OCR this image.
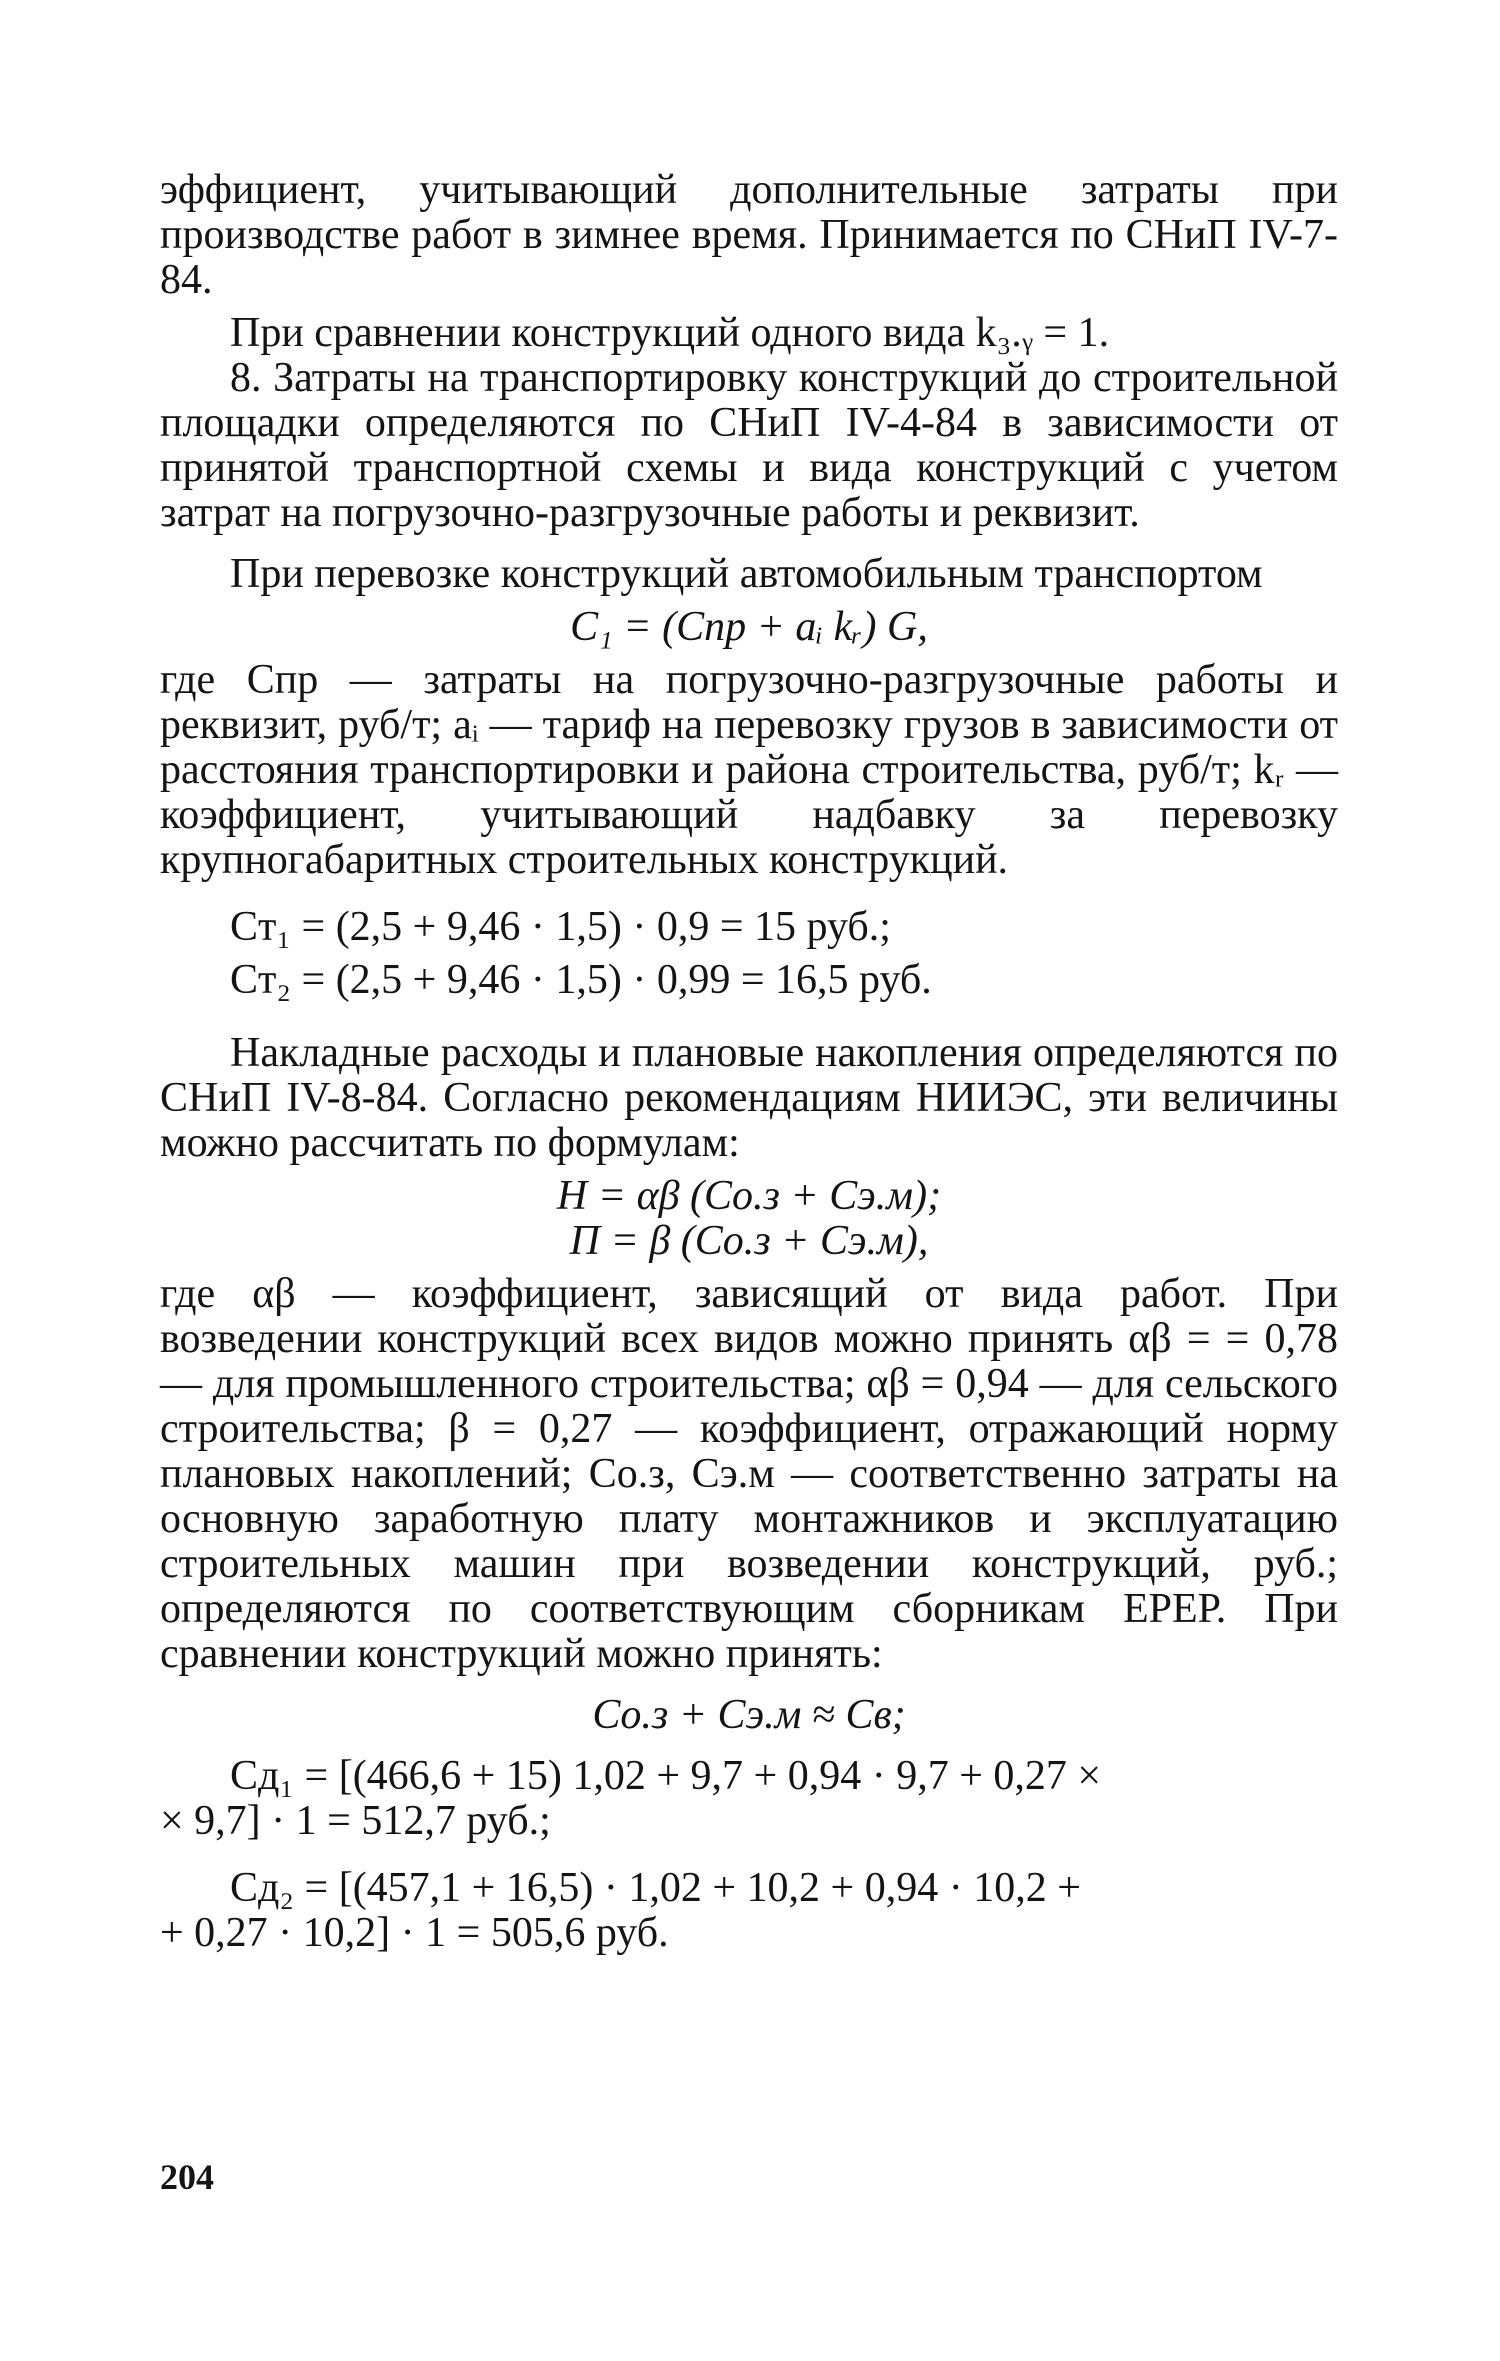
эффициент, учитывающий дополнительные затраты при производстве работ в зимнее время. Принимается по СНиП IV-7-84.

При сравнении конструкций одного вида k₃.ᵧ = 1.

8. Затраты на транспортировку конструкций до строительной площадки определяются по СНиП IV-4-84 в зависимости от принятой транспортной схемы и вида конструкций с учетом затрат на погрузочно-разгрузочные работы и реквизит.

При перевозке конструкций автомобильным транспортом

C₁ = (Cпр + aᵢ kᵣ) G,

где Cпр — затраты на погрузочно-разгрузочные работы и реквизит, руб/т; aᵢ — тариф на перевозку грузов в зависимости от расстояния транспортировки и района строительства, руб/т; kᵣ — коэффициент, учитывающий надбавку за перевозку крупногабаритных строительных конструкций.

Cт₁ = (2,5 + 9,46 · 1,5) · 0,9 = 15 руб.;

Cт₂ = (2,5 + 9,46 · 1,5) · 0,99 = 16,5 руб.

Накладные расходы и плановые накопления определяются по СНиП IV-8-84. Согласно рекомендациям НИИЭС, эти величины можно рассчитать по формулам:

H = αβ (Cо.з + Cэ.м);

П = β (Cо.з + Cэ.м),

где αβ — коэффициент, зависящий от вида работ. При возведении конструкций всех видов можно принять αβ = = 0,78 — для промышленного строительства; αβ = 0,94 — для сельского строительства; β = 0,27 — коэффициент, отражающий норму плановых накоплений; Cо.з, Cэ.м — соответственно затраты на основную заработную плату монтажников и эксплуатацию строительных машин при возведении конструкций, руб.; определяются по соответствующим сборникам ЕРЕР. При сравнении конструкций можно принять:

Cо.з + Cэ.м ≈ Cв;

Cд₁ = [(466,6 + 15) 1,02 + 9,7 + 0,94 · 9,7 + 0,27 ×

× 9,7] · 1 = 512,7 руб.;

Cд₂ = [(457,1 + 16,5) · 1,02 + 10,2 + 0,94 · 10,2 +

+ 0,27 · 10,2] · 1 = 505,6 руб.

204
